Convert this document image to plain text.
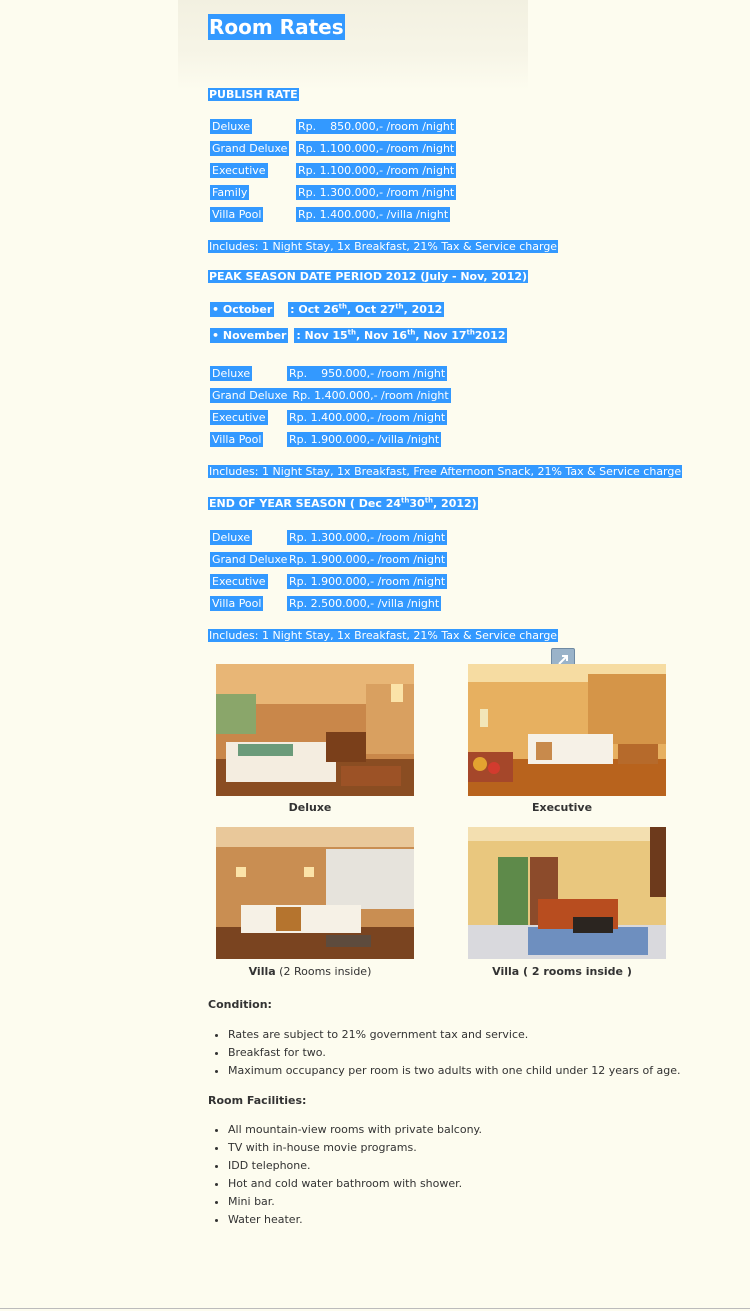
Room Rates
PUBLISH RATE
Deluxe	Rp.    850.000,- /room /night
Grand Deluxe Rp. 1.100.000,- /room /night
Executive	Rp. 1.100.000,- /room /night
Family	Rp. 1.300.000,- /room /night
Villa Pool	Rp. 1.400.000,- /villa /night
Includes: 1 Night Stay, 1x Breakfast, 21% Tax & Service charge
PEAK SEASON DATE PERIOD 2012 (July - Nov, 2012)
• October : Oct 26th, Oct 27th, 2012
• November : Nov 15th, Nov 16th, Nov 17th2012
Deluxe	Rp.    950.000,- /room /night
Grand Deluxe Rp. 1.400.000,- /room /night
Executive Rp. 1.400.000,- /room /night
Villa Pool	Rp. 1.900.000,- /villa /night
Includes: 1 Night Stay, 1x Breakfast, Free Afternoon Snack, 21% Tax & Service charge
END OF YEAR SEASON ( Dec 24th30th, 2012)
Deluxe	Rp. 1.300.000,- /room /night
Grand Deluxe Rp. 1.900.000,- /room /night
Executive Rp. 1.900.000,- /room /night
Villa Pool	Rp. 2.500.000,- /villa /night
Includes: 1 Night Stay, 1x Breakfast, 21% Tax & Service charge
Deluxe	Executive
Villa (2 Rooms inside)	Villa ( 2 rooms inside )
Condition:
• Rates are subject to 21% government tax and service.
• Breakfast for two.
• Maximum occupancy per room is two adults with one child under 12 years of age.
Room Facilities:
• All mountain-view rooms with private balcony.
• TV with in-house movie programs.
• IDD telephone.
• Hot and cold water bathroom with shower.
• Mini bar.
• Water heater.
